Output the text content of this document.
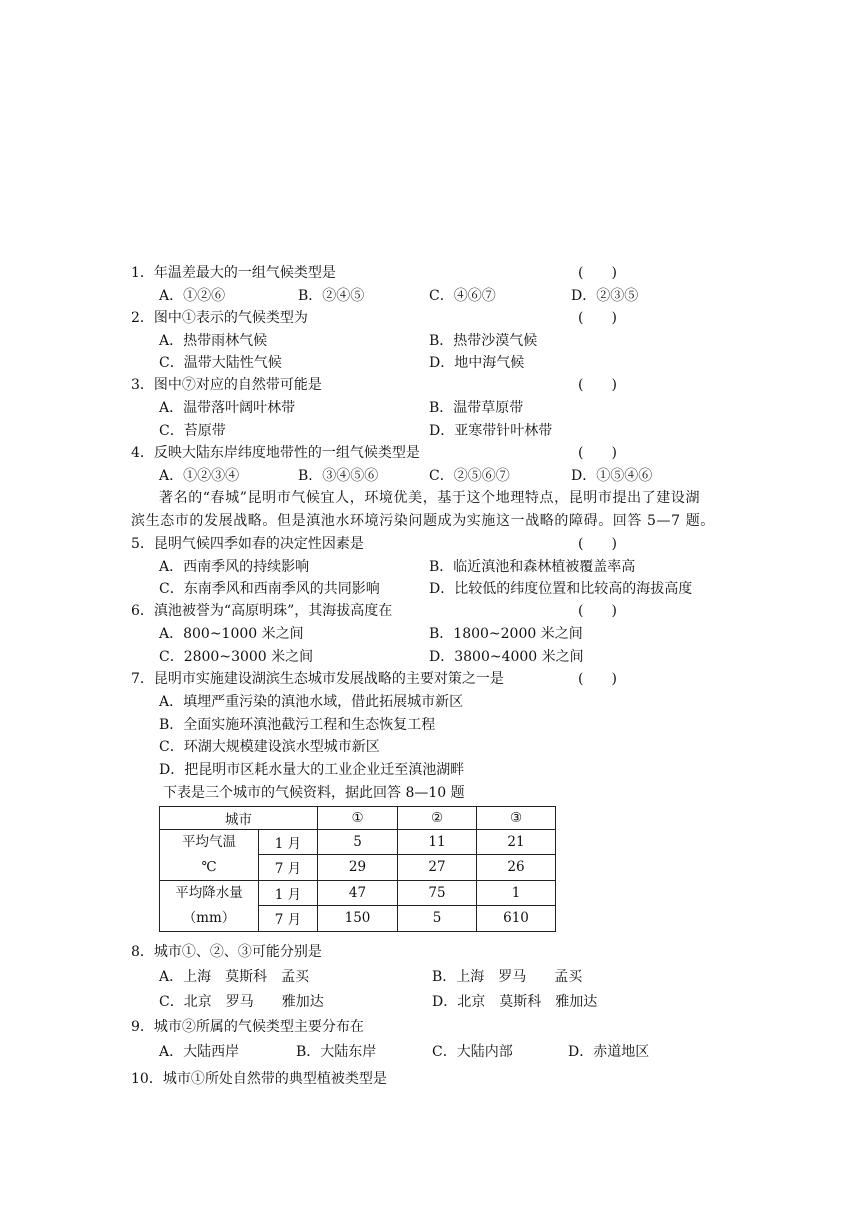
1．年温差最大的一组气候类型是	(　　)
A．①②⑥	B．②④⑤	C．④⑥⑦	D．②③⑤
2．图中①表示的气候类型为	(　　)
A．热带雨林气候	B．热带沙漠气候
C．温带大陆性气候	D．地中海气候
3．图中⑦对应的自然带可能是	(　　)
A．温带落叶阔叶林带	B．温带草原带
C．苔原带	D．亚寒带针叶林带
4．反映大陆东岸纬度地带性的一组气候类型是	(　　)
A．①②③④	B．③④⑤⑥	C．②⑤⑥⑦	D．①⑤④⑥
著名的“春城”昆明市气候宜人，环境优美，基于这个地理特点，昆明市提出了建设湖
滨生态市的发展战略。但是滇池水环境污染问题成为实施这一战略的障碍。回答 5—7 题。
5．昆明气候四季如春的决定性因素是	(　　)
A．西南季风的持续影响	B．临近滇池和森林植被覆盖率高
C．东南季风和西南季风的共同影响	D．比较低的纬度位置和比较高的海拔高度
6．滇池被誉为“高原明珠”，其海拔高度在	(　　)
A．800~1000 米之间	B．1800~2000 米之间
C．2800~3000 米之间	D．3800~4000 米之间
7．昆明市实施建设湖滨生态城市发展战略的主要对策之一是	(　　)
A．填埋严重污染的滇池水域，借此拓展城市新区
B．全面实施环滇池截污工程和生态恢复工程
C．环湖大规模建设滨水型城市新区
D．把昆明市区耗水量大的工业企业迁至滇池湖畔
下表是三个城市的气候资料，据此回答 8—10 题
城市		①	②	③

平均气温
℃	1 月	5	11	21
	7 月	29	27	26

平均降水量
（mm）	1 月	47	75	1
	7 月	150	5	610
8．城市①、②、③可能分别是
A．上海　莫斯科　孟买	B．上海　罗马　　孟买
C．北京　罗马　　雅加达	D．北京　莫斯科　雅加达
9．城市②所属的气候类型主要分布在
A．大陆西岸	B．大陆东岸	C．大陆内部	D．赤道地区
10．城市①所处自然带的典型植被类型是
